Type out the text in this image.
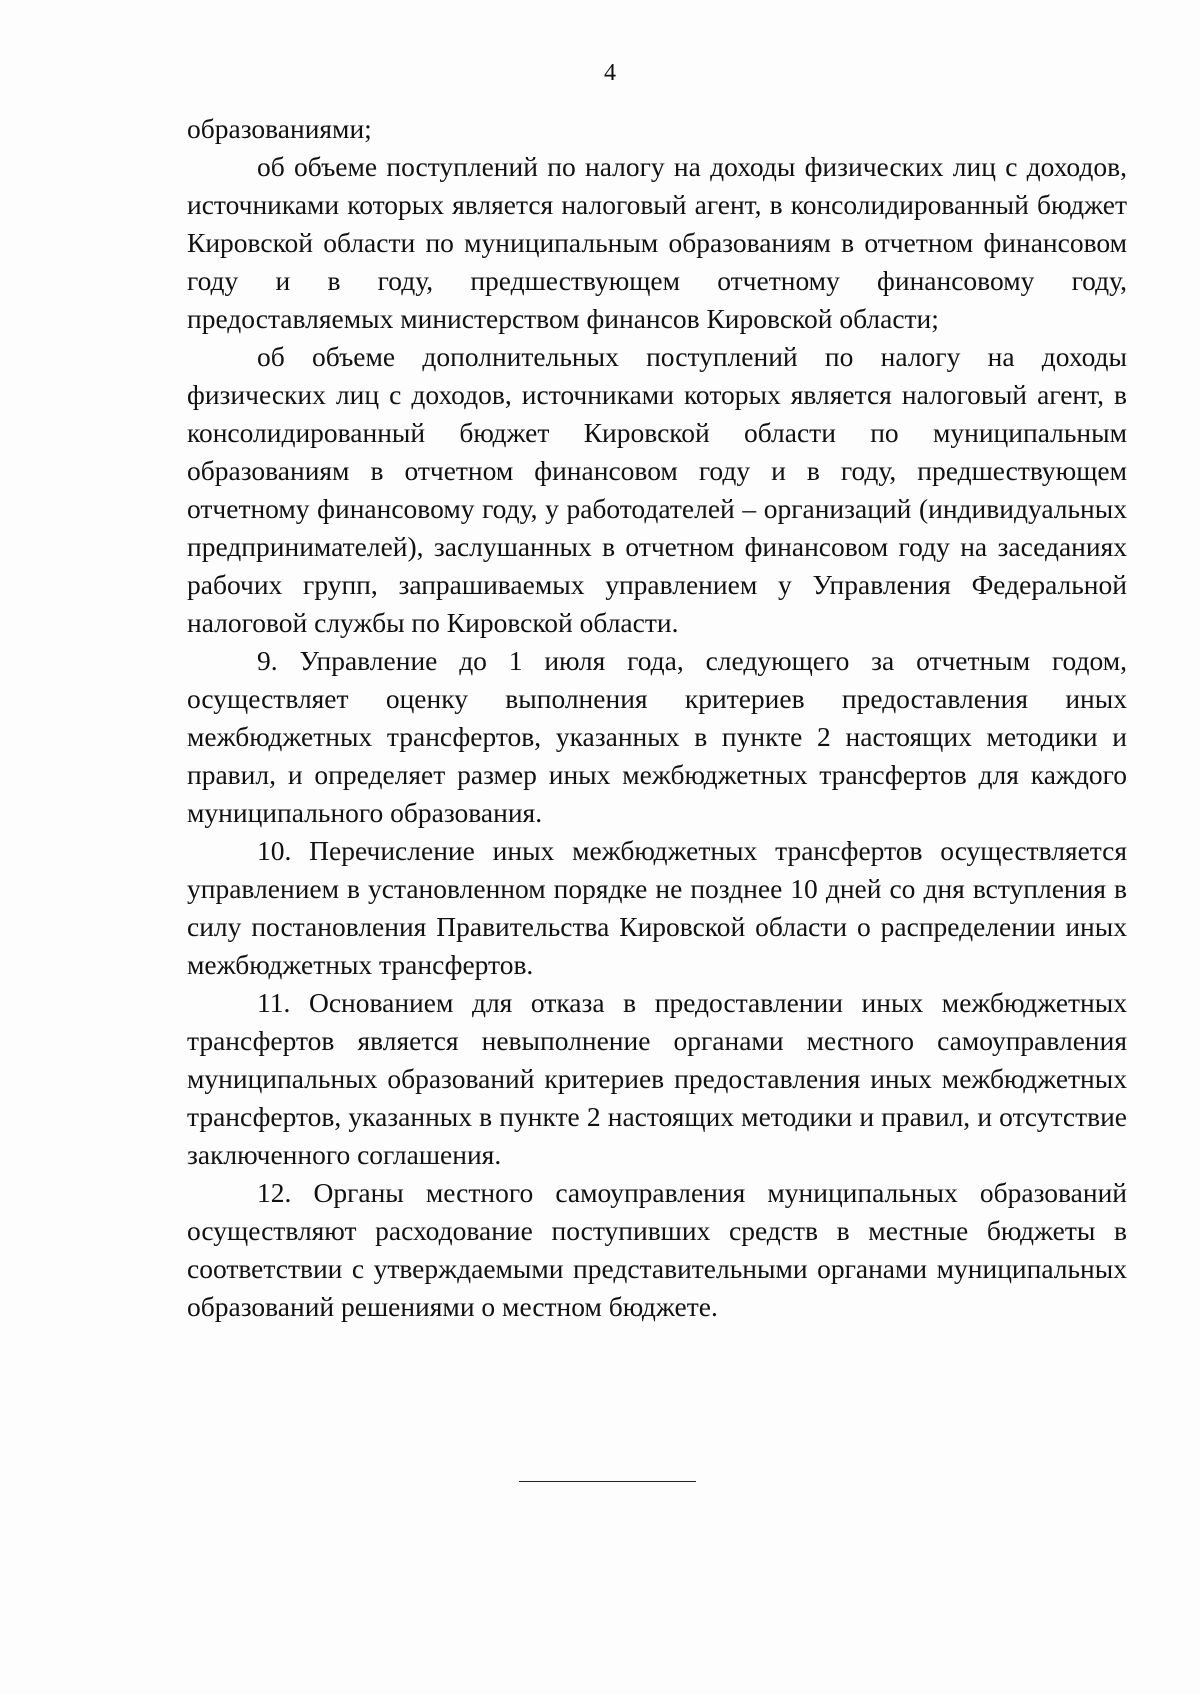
4

образованиями;

об объеме поступлений по налогу на доходы физических лиц с доходов, источниками которых является налоговый агент, в консолидированный бюджет Кировской области по муниципальным образованиям в отчетном финансовом году и в году, предшествующем отчетному финансовому году, предоставляемых министерством финансов Кировской области;

об объеме дополнительных поступлений по налогу на доходы физических лиц с доходов, источниками которых является налоговый агент, в консолидированный бюджет Кировской области по муниципальным образованиям в отчетном финансовом году и в году, предшествующем отчетному финансовому году, у работодателей – организаций (индивидуальных предпринимателей), заслушанных в отчетном финансовом году на заседаниях рабочих групп, запрашиваемых управлением у Управления Федеральной налоговой службы по Кировской области.

9. Управление до 1 июля года, следующего за отчетным годом, осуществляет оценку выполнения критериев предоставления иных межбюджетных трансфертов, указанных в пункте 2 настоящих методики и правил, и определяет размер иных межбюджетных трансфертов для каждого муниципального образования.

10. Перечисление иных межбюджетных трансфертов осуществляется управлением в установленном порядке не позднее 10 дней со дня вступления в силу постановления Правительства Кировской области о распределении иных межбюджетных трансфертов.

11. Основанием для отказа в предоставлении иных межбюджетных трансфертов является невыполнение органами местного самоуправления муниципальных образований критериев предоставления иных межбюджетных трансфертов, указанных в пункте 2 настоящих методики и правил, и отсутствие заключенного соглашения.

12. Органы местного самоуправления муниципальных образований осуществляют расходование поступивших средств в местные бюджеты в соответствии с утверждаемыми представительными органами муниципальных образований решениями о местном бюджете.
